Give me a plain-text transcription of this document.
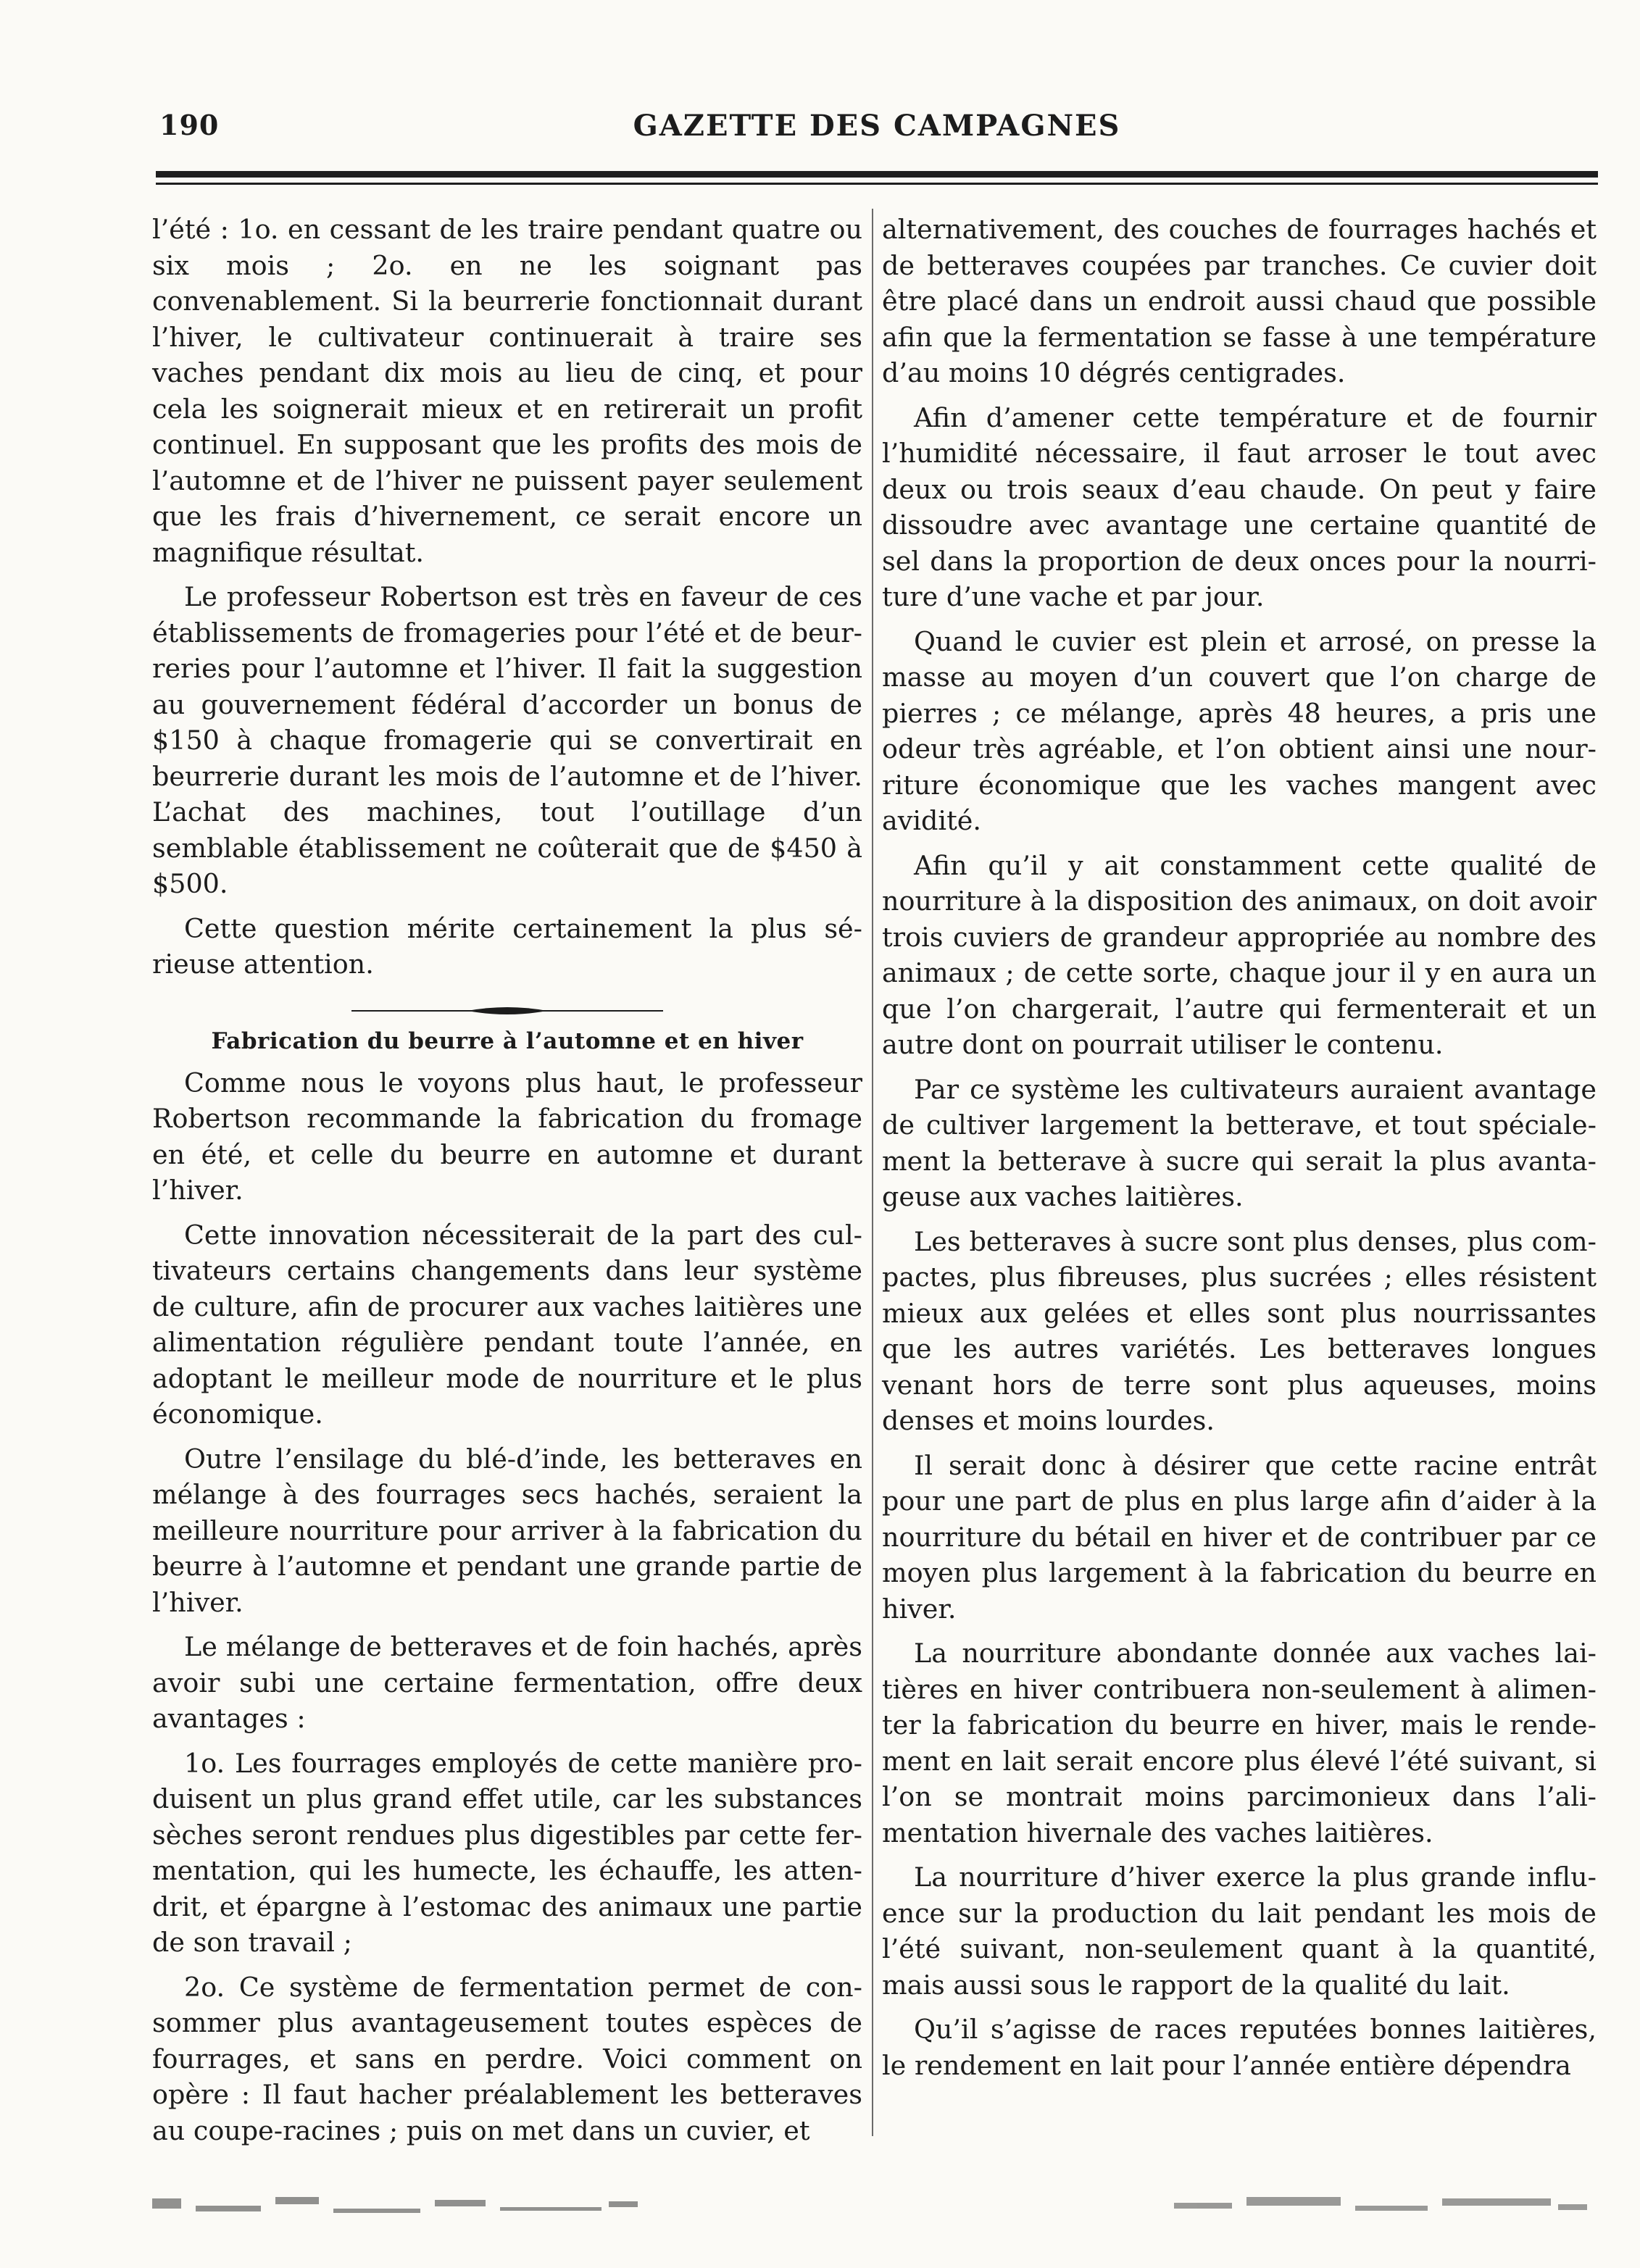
190	GAZETTE DES CAMPAGNES

l’été : 1o. en cessant de les traire pendant quatre ou six mois ; 2o. en ne les soignant pas convenablement. Si la beurrerie fonctionnait durant l’hiver, le cultivateur continuerait à traire ses vaches pendant dix mois au lieu de cinq, et pour cela les soignerait mieux et en retirerait un profit continuel. En supposant que les profits des mois de l’automne et de l’hiver ne puissent payer seulement que les frais d’hivernement, ce serait encore un magnifique résultat.

Le professeur Robertson est très en faveur de ces établissements de fromageries pour l’été et de beurreries pour l’automne et l’hiver. Il fait la suggestion au gouvernement fédéral d’accorder un bonus de $150 à chaque fromagerie qui se convertirait en beurrerie durant les mois de l’automne et de l’hiver. L’achat des machines, tout l’outillage d’un semblable établissement ne coûterait que de $450 à $500.

Cette question mérite certainement la plus sérieuse attention.

Fabrication du beurre à l’automne et en hiver

Comme nous le voyons plus haut, le professeur Robertson recommande la fabrication du fromage en été, et celle du beurre en automne et durant l’hiver.

Cette innovation nécessiterait de la part des cultivateurs certains changements dans leur système de culture, afin de procurer aux vaches laitières une alimentation régulière pendant toute l’année, en adoptant le meilleur mode de nourriture et le plus économique.

Outre l’ensilage du blé-d’inde, les betteraves en mélange à des fourrages secs hachés, seraient la meilleure nourriture pour arriver à la fabrication du beurre à l’automne et pendant une grande partie de l’hiver.

Le mélange de betteraves et de foin hachés, après avoir subi une certaine fermentation, offre deux avantages :

1o. Les fourrages employés de cette manière produisent un plus grand effet utile, car les substances sèches seront rendues plus digestibles par cette fermentation, qui les humecte, les échauffe, les attendrit, et épargne à l’estomac des animaux une partie de son travail ;

2o. Ce système de fermentation permet de consommer plus avantageusement toutes espèces de fourrages, et sans en perdre. Voici comment on opère : Il faut hacher préalablement les betteraves au coupe-racines ; puis on met dans un cuvier, et

alternativement, des couches de fourrages hachés et de betteraves coupées par tranches. Ce cuvier doit être placé dans un endroit aussi chaud que possible afin que la fermentation se fasse à une température d’au moins 10 dégrés centigrades.

Afin d’amener cette température et de fournir l’humidité nécessaire, il faut arroser le tout avec deux ou trois seaux d’eau chaude. On peut y faire dissoudre avec avantage une certaine quantité de sel dans la proportion de deux onces pour la nourriture d’une vache et par jour.

Quand le cuvier est plein et arrosé, on presse la masse au moyen d’un couvert que l’on charge de pierres ; ce mélange, après 48 heures, a pris une odeur très agréable, et l’on obtient ainsi une nourriture économique que les vaches mangent avec avidité.

Afin qu’il y ait constamment cette qualité de nourriture à la disposition des animaux, on doit avoir trois cuviers de grandeur appropriée au nombre des animaux ; de cette sorte, chaque jour il y en aura un que l’on chargerait, l’autre qui fermenterait et un autre dont on pourrait utiliser le contenu.

Par ce système les cultivateurs auraient avantage de cultiver largement la betterave, et tout spécialement la betterave à sucre qui serait la plus avantageuse aux vaches laitières.

Les betteraves à sucre sont plus denses, plus compactes, plus fibreuses, plus sucrées ; elles résistent mieux aux gelées et elles sont plus nourrissantes que les autres variétés. Les betteraves longues venant hors de terre sont plus aqueuses, moins denses et moins lourdes.

Il serait donc à désirer que cette racine entrât pour une part de plus en plus large afin d’aider à la nourriture du bétail en hiver et de contribuer par ce moyen plus largement à la fabrication du beurre en hiver.

La nourriture abondante donnée aux vaches laitières en hiver contribuera non-seulement à alimenter la fabrication du beurre en hiver, mais le rendement en lait serait encore plus élevé l’été suivant, si l’on se montrait moins parcimonieux dans l’alimentation hivernale des vaches laitières.

La nourriture d’hiver exerce la plus grande influence sur la production du lait pendant les mois de l’été suivant, non-seulement quant à la quantité, mais aussi sous le rapport de la qualité du lait.

Qu’il s’agisse de races reputées bonnes laitières, le rendement en lait pour l’année entière dépendra
